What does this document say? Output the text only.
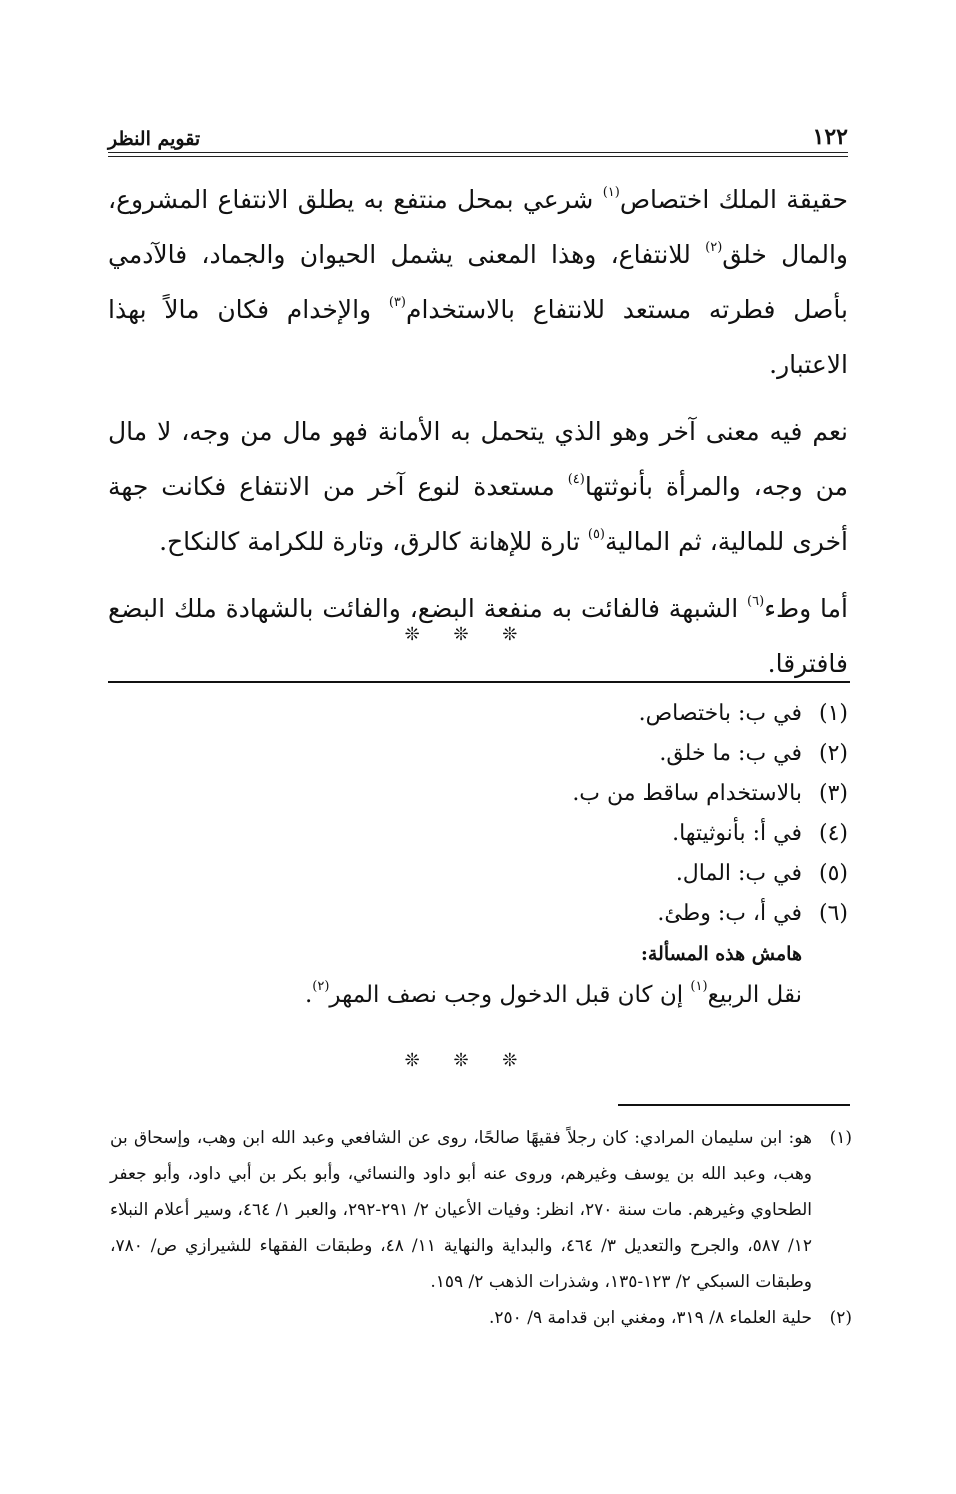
١٢٢
تقويم النظر

حقيقة الملك اختصاص$^{(١)}$ شرعي بمحل منتفع به يطلق الانتفاع المشروع، والمال خلق$^{(٢)}$ للانتفاع، وهذا المعنى يشمل الحيوان والجماد، فالآدمي بأصل فطرته مستعد للانتفاع بالاستخدام$^{(٣)}$ والإخدام فكان مالاً بهذا الاعتبار.

نعم فيه معنى آخر وهو الذي يتحمل به الأمانة فهو مال من وجه، لا مال من وجه، والمرأة بأنوثتها$^{(٤)}$ مستعدة لنوع آخر من الانتفاع فكانت جهة أخرى للمالية، ثم المالية$^{(٥)}$ تارة للإهانة كالرق، وتارة للكرامة كالنكاح.

أما وطء$^{(٦)}$ الشبهة فالفائت به منفعة البضع، والفائت بالشهادة ملك البضع فافترقا.

❊ ❊ ❊
(١)
في ب: باختصاص.
(٢)
في ب: ما خلق.
(٣)
بالاستخدام ساقط من ب.
(٤)
في أ: بأنوثيتها.
(٥)
في ب: المال.
(٦)
في أ، ب: وطئ.
هامش هذه المسألة:
نقل الربيع$^{(١)}$ إن كان قبل الدخول وجب نصف المهر$^{(٢)}$.
❊ ❊ ❊
(١)
هو: ابن سليمان المرادي: كان رجلاً فقيهًا صالحًا، روى عن الشافعي وعبد الله ابن وهب، وإسحاق بن وهب، وعبد الله بن يوسف وغيرهم، وروى عنه أبو داود والنسائي، وأبو بكر بن أبي داود، وأبو جعفر الطحاوي وغيرهم. مات سنة ٢٧٠، انظر: وفيات الأعيان ٢/ ٢٩١-٢٩٢، والعبر ١/ ٤٦٤، وسير أعلام النبلاء ١٢/ ٥٨٧، والجرح والتعديل ٣/ ٤٦٤، والبداية والنهاية ١١/ ٤٨، وطبقات الفقهاء للشيرازي ص/ ٧٨٠، وطبقات السبكي ٢/ ١٢٣-١٣٥، وشذرات الذهب ٢/ ١٥٩.
(٢)
حلية العلماء ٨/ ٣١٩، ومغني ابن قدامة ٩/ ٢٥٠.
